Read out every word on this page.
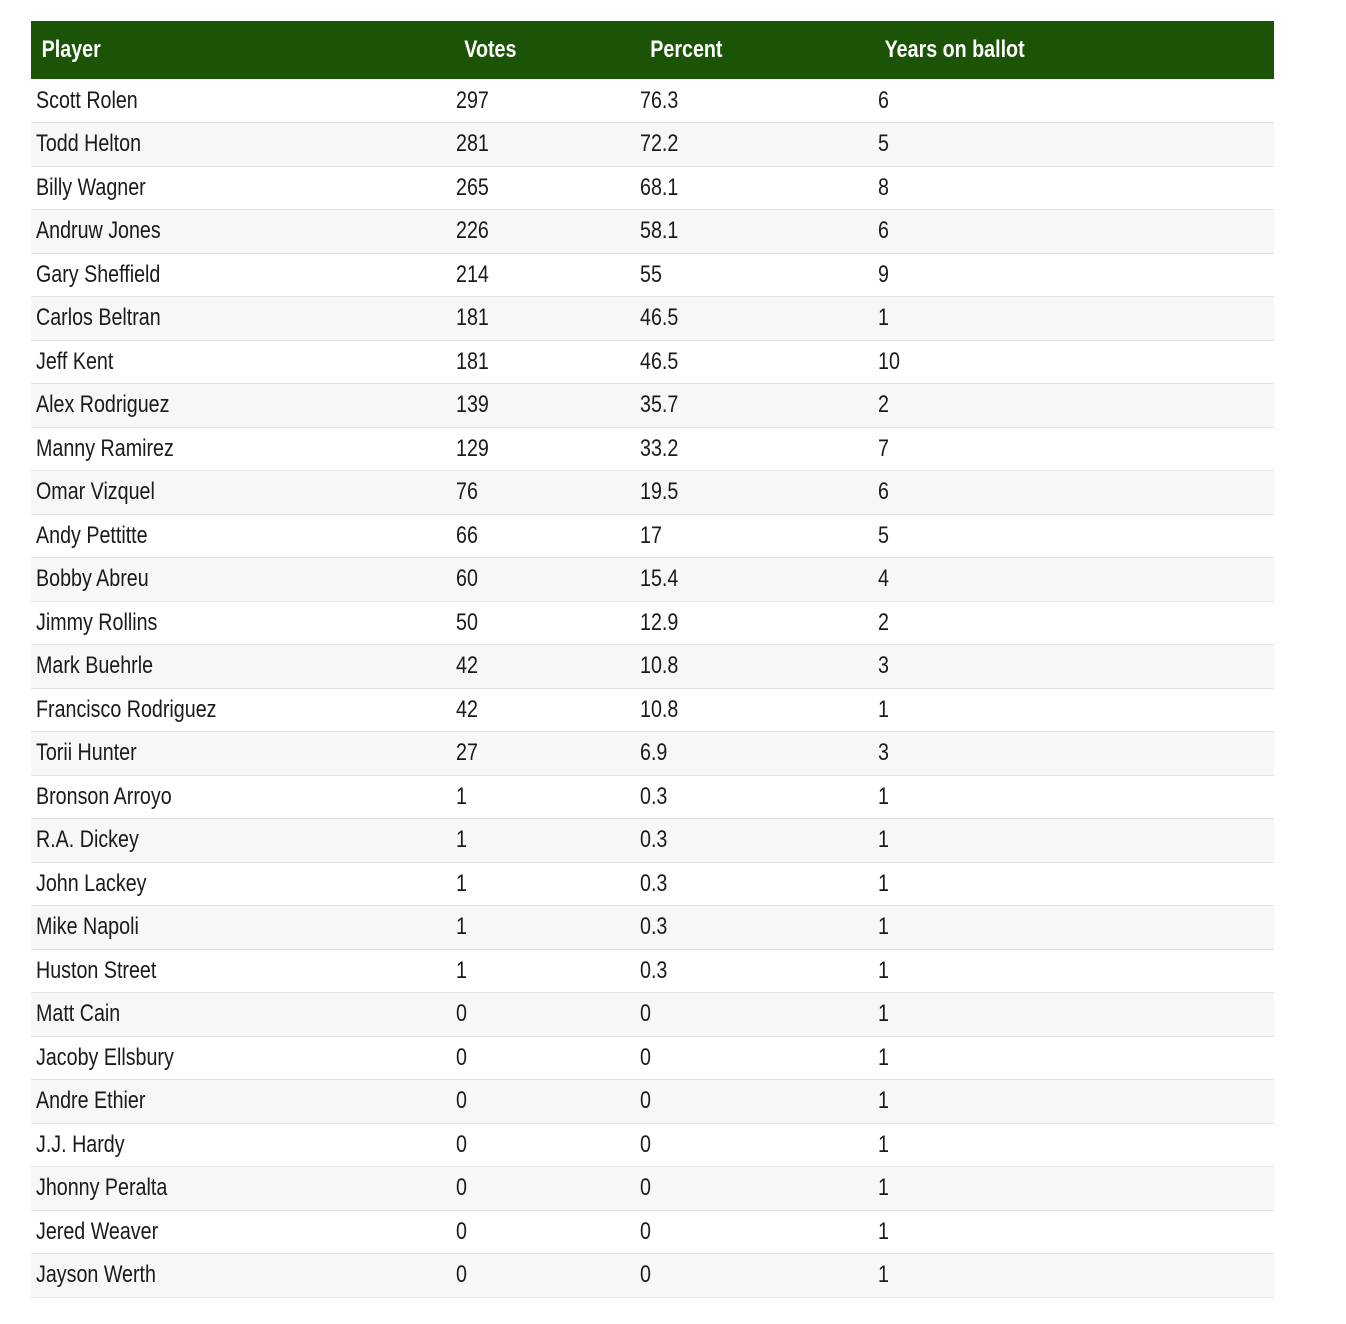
Player	Votes	Percent	Years on ballot
Scott Rolen	297	76.3	6
Todd Helton	281	72.2	5
Billy Wagner	265	68.1	8
Andruw Jones	226	58.1	6
Gary Sheffield	214	55	9
Carlos Beltran	181	46.5	1
Jeff Kent	181	46.5	10
Alex Rodriguez	139	35.7	2
Manny Ramirez	129	33.2	7
Omar Vizquel	76	19.5	6
Andy Pettitte	66	17	5
Bobby Abreu	60	15.4	4
Jimmy Rollins	50	12.9	2
Mark Buehrle	42	10.8	3
Francisco Rodriguez	42	10.8	1
Torii Hunter	27	6.9	3
Bronson Arroyo	1	0.3	1
R.A. Dickey	1	0.3	1
John Lackey	1	0.3	1
Mike Napoli	1	0.3	1
Huston Street	1	0.3	1
Matt Cain	0	0	1
Jacoby Ellsbury	0	0	1
Andre Ethier	0	0	1
J.J. Hardy	0	0	1
Jhonny Peralta	0	0	1
Jered Weaver	0	0	1
Jayson Werth	0	0	1
